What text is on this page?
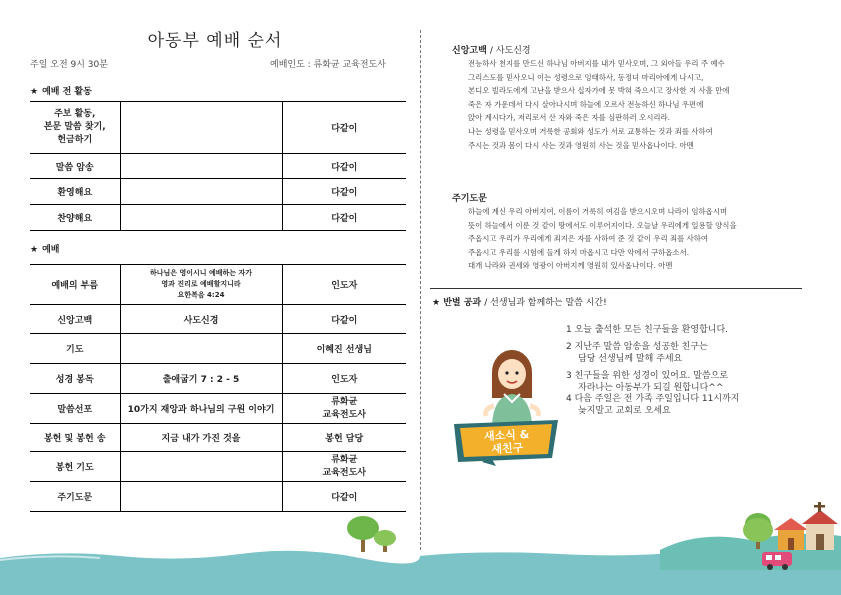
아동부 예배 순서
주일 오전 9시 30분	예배인도 : 류화균 교육전도사
★ 예배 전 활동
주보 활동,
본문 말씀 찾기,
헌금하기		다같이
말씀 암송		다같이
환영해요		다같이
찬양해요		다같이
★ 예배
예배의 부름	하나님은 영이시니 예배하는 자가
영과 진리로 예배할지니라
요한복음 4:24	인도자
신앙고백	사도신경	다같이
기도		이혜진 선생님
성경 봉독	출애굽기 7 : 2 - 5	인도자
말씀선포	10가지 재앙과 하나님의 구원 이야기	류화균
교육전도사

봉헌 및 봉헌 송	지금 내가 가진 것을	봉헌 담당
봉헌 기도		류화균
교육전도사

주기도문		다같이
신앙고백 / 사도신경
전능하사 천지를 만드신 하나님 아버지를 내가 믿사오며, 그 외아들 우리 주 예수
그리스도를 믿사오니 이는 성령으로 잉태하사, 동정녀 마리아에게 나시고,
본디오 빌라도에게 고난을 받으사 십자가에 못 박혀 죽으시고 장사한 지 사흘 만에
죽은 자 가운데서 다시 살아나시며 하늘에 오르사 전능하신 하나님 우편에
앉아 계시다가, 저리로서 산 자와 죽은 자를 심판하러 오시리라.
나는 성령을 믿사오며 거룩한 공회와 성도가 서로 교통하는 것과 죄를 사하여
주시는 것과 몸이 다시 사는 것과 영원히 사는 것을 믿사옵나이다. 아멘
주기도문
하늘에 계신 우리 아버지여, 이름이 거룩히 여김을 받으시오며 나라이 임하옵시며
뜻이 하늘에서 이룬 것 같이 땅에서도 이루어지이다. 오늘날 우리에게 일용할 양식을
주옵시고 우리가 우리에게 죄지은 자를 사하여 준 것 같이 우리 죄를 사하여
주옵시고 우리를 시험에 들게 하지 마옵시고 다만 악에서 구하옵소서.
대개 나라와 권세와 영광이 아버지께 영원히 있사옵나이다. 아멘
★ 반별 공과 / 선생님과 함께하는 말씀 시간!
새소식 &
새친구
1 오늘 출석한 모든 친구들을 환영합니다.
2 지난주 말씀 암송을 성공한 친구는
담당 선생님께 말해 주세요
3 친구들을 위한 성경이 있어요. 말씀으로
자라나는 아동부가 되길 원합니다^^
4 다음 주일은 전 가족 주일입니다 11시까지
늦지말고 교회로 오세요
